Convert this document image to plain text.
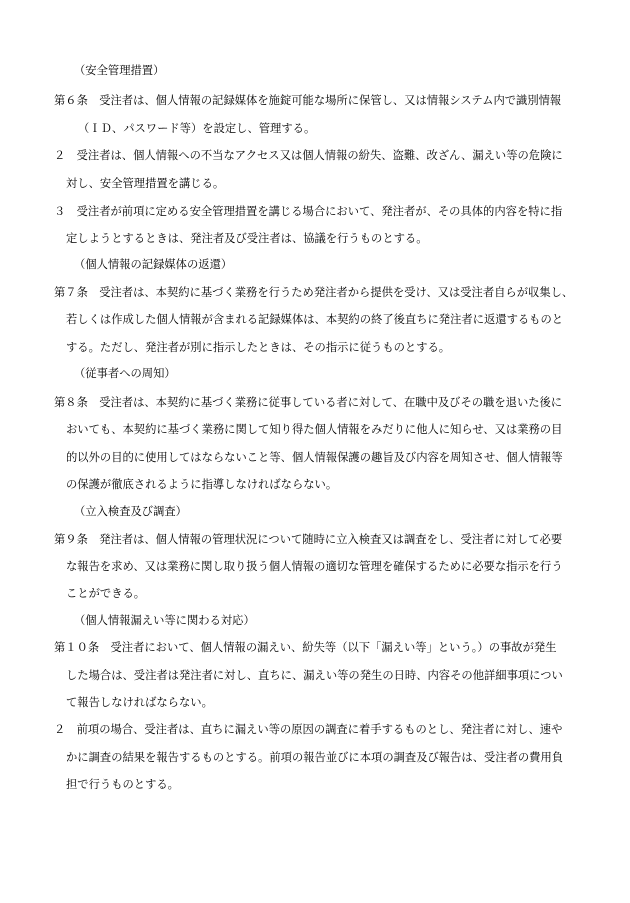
（安全管理措置）
第６条　受注者は、個人情報の記録媒体を施錠可能な場所に保管し、又は情報システム内で識別情報
（ＩＤ、パスワード等）を設定し、管理する。
２　受注者は、個人情報への不当なアクセス又は個人情報の紛失、盗難、改ざん、漏えい等の危険に
対し、安全管理措置を講じる。
３　受注者が前項に定める安全管理措置を講じる場合において、発注者が、その具体的内容を特に指
定しようとするときは、発注者及び受注者は、協議を行うものとする。
（個人情報の記録媒体の返還）
第７条　受注者は、本契約に基づく業務を行うため発注者から提供を受け、又は受注者自らが収集し、
若しくは作成した個人情報が含まれる記録媒体は、本契約の終了後直ちに発注者に返還するものと
する。ただし、発注者が別に指示したときは、その指示に従うものとする。
（従事者への周知）
第８条　受注者は、本契約に基づく業務に従事している者に対して、在職中及びその職を退いた後に
おいても、本契約に基づく業務に関して知り得た個人情報をみだりに他人に知らせ、又は業務の目
的以外の目的に使用してはならないこと等、個人情報保護の趣旨及び内容を周知させ、個人情報等
の保護が徹底されるように指導しなければならない。
（立入検査及び調査）
第９条　発注者は、個人情報の管理状況について随時に立入検査又は調査をし、受注者に対して必要
な報告を求め、又は業務に関し取り扱う個人情報の適切な管理を確保するために必要な指示を行う
ことができる。
（個人情報漏えい等に関わる対応）
第１０条　受注者において、個人情報の漏えい、紛失等（以下「漏えい等」という。）の事故が発生
した場合は、受注者は発注者に対し、直ちに、漏えい等の発生の日時、内容その他詳細事項につい
て報告しなければならない。
２　前項の場合、受注者は、直ちに漏えい等の原因の調査に着手するものとし、発注者に対し、速や
かに調査の結果を報告するものとする。前項の報告並びに本項の調査及び報告は、受注者の費用負
担で行うものとする。
